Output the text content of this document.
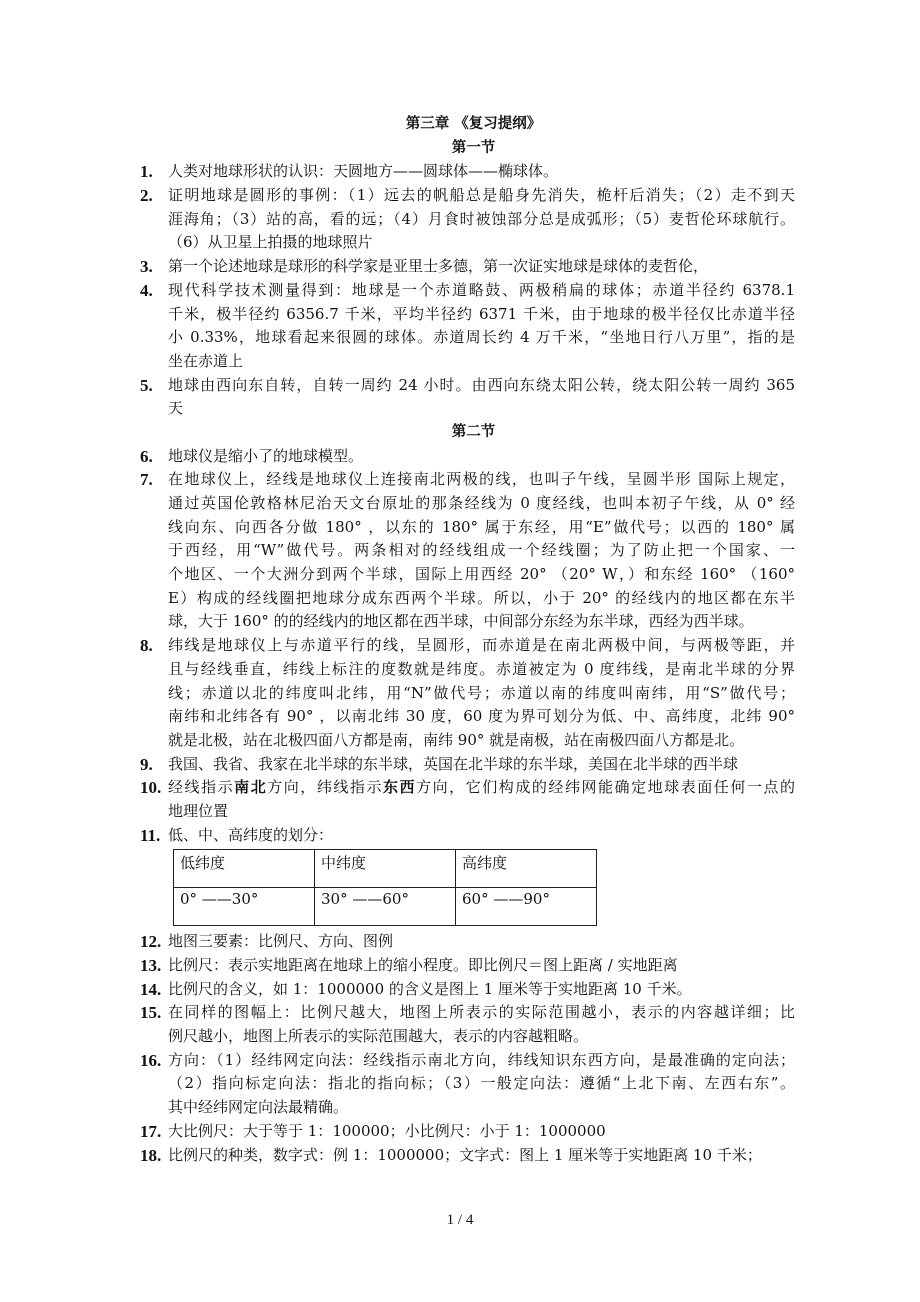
第三章 《复习提纲》
第一节
1. 人类对地球形状的认识：天圆地方——圆球体——椭球体。
2. 证明地球是圆形的事例：（1）远去的帆船总是船身先消失，桅杆后消失；（2）走不到天
涯海角；（3）站的高，看的远；（4）月食时被蚀部分总是成弧形；（5）麦哲伦环球航行。
（6）从卫星上拍摄的地球照片
3. 第一个论述地球是球形的科学家是亚里士多德，第一次证实地球是球体的麦哲伦，
4. 现代科学技术测量得到：地球是一个赤道略鼓、两极稍扁的球体；赤道半径约 6378.1
千米，极半径约 6356.7 千米，平均半径约 6371 千米，由于地球的极半径仅比赤道半径
小 0.33%，地球看起来很圆的球体。赤道周长约 4 万千米，“坐地日行八万里”，指的是
坐在赤道上
5. 地球由西向东自转，自转一周约 24 小时。由西向东绕太阳公转，绕太阳公转一周约 365
天
第二节
6. 地球仪是缩小了的地球模型。
7. 在地球仪上，经线是地球仪上连接南北两极的线，也叫子午线，呈圆半形 国际上规定，
通过英国伦敦格林尼治天文台原址的那条经线为 0 度经线，也叫本初子午线，从 0° 经
线向东、向西各分做 180° ，以东的 180° 属于东经，用“E”做代号；以西的 180° 属
于西经，用“W”做代号。两条相对的经线组成一个经线圈；为了防止把一个国家、一
个地区、一个大洲分到两个半球，国际上用西经 20° （20° W，）和东经 160° （160°
E）构成的经线圈把地球分成东西两个半球。所以，小于 20° 的经线内的地区都在东半
球，大于 160° 的的经线内的地区都在西半球，中间部分东经为东半球，西经为西半球。
8. 纬线是地球仪上与赤道平行的线，呈圆形，而赤道是在南北两极中间，与两极等距，并
且与经线垂直，纬线上标注的度数就是纬度。赤道被定为 0 度纬线，是南北半球的分界
线；赤道以北的纬度叫北纬，用“N”做代号；赤道以南的纬度叫南纬，用“S”做代号；
南纬和北纬各有 90° ，以南北纬 30 度，60 度为界可划分为低、中、高纬度，北纬 90°
就是北极，站在北极四面八方都是南，南纬 90° 就是南极，站在南极四面八方都是北。
9. 我国、我省、我家在北半球的东半球，英国在北半球的东半球，美国在北半球的西半球
10. 经线指示南北方向，纬线指示东西方向，它们构成的经纬网能确定地球表面任何一点的
地理位置
11. 低、中、高纬度的划分：
低纬度	中纬度	高纬度
0° ——30°	30° ——60°	60° ——90°
12. 地图三要素：比例尺、方向、图例
13. 比例尺：表示实地距离在地球上的缩小程度。即比例尺＝图上距离 / 实地距离
14. 比例尺的含义，如 1：1000000 的含义是图上 1 厘米等于实地距离 10 千米。
15. 在同样的图幅上：比例尺越大，地图上所表示的实际范围越小，表示的内容越详细；比
例尺越小，地图上所表示的实际范围越大，表示的内容越粗略。
16. 方向：（1）经纬网定向法：经线指示南北方向，纬线知识东西方向，是最准确的定向法；
（2）指向标定向法：指北的指向标；（3）一般定向法：遵循“上北下南、左西右东”。
其中经纬网定向法最精确。
17. 大比例尺：大于等于 1：100000；小比例尺：小于 1：1000000
18. 比例尺的种类，数字式：例 1：1000000；文字式：图上 1 厘米等于实地距离 10 千米；
1 / 4
